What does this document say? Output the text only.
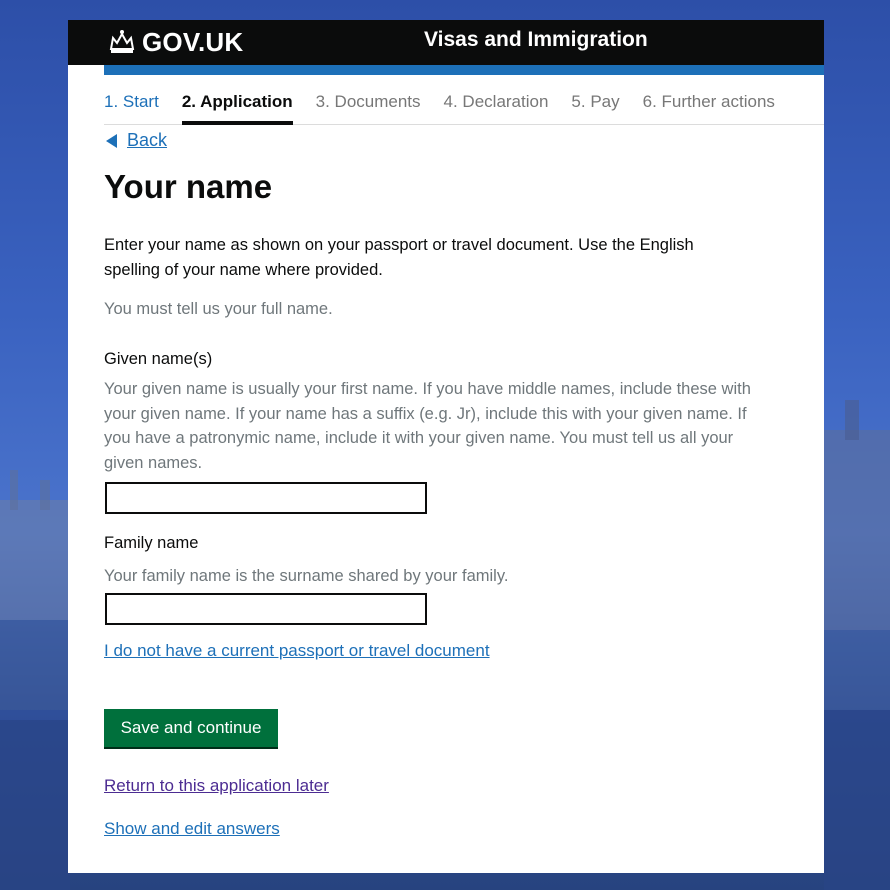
GOV.UK	Visas and Immigration
1. Start 2. Application 3. Documents 4. Declaration 5. Pay 6. Further actions
Back
Your name

Enter your name as shown on your passport or travel document. Use the English spelling of your name where provided.

You must tell us your full name.

Given name(s)

Your given name is usually your first name. If you have middle names, include these with your given name. If your name has a suffix (e.g. Jr), include this with your given name. If you have a patronymic name, include it with your given name. You must tell us all your given names.

Family name

Your family name is the surname shared by your family.

I do not have a current passport or travel document
Save and continue
Return to this application later
Show and edit answers
